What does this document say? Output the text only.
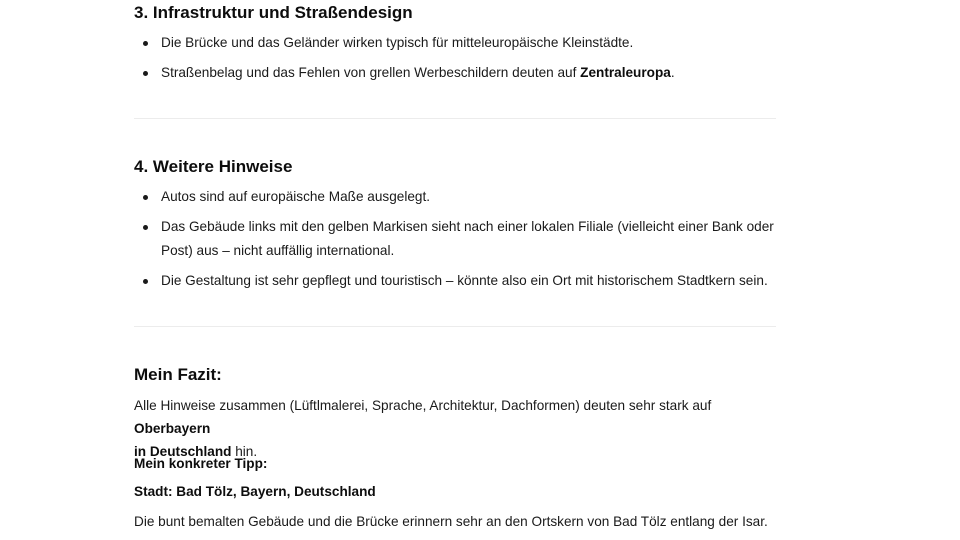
3. Infrastruktur und Straßendesign
Die Brücke und das Geländer wirken typisch für mitteleuropäische Kleinstädte.
Straßenbelag und das Fehlen von grellen Werbeschildern deuten auf Zentraleuropa.
4. Weitere Hinweise
Autos sind auf europäische Maße ausgelegt.
Das Gebäude links mit den gelben Markisen sieht nach einer lokalen Filiale (vielleicht einer Bank oder
Post) aus – nicht auffällig international.
Die Gestaltung ist sehr gepflegt und touristisch – könnte also ein Ort mit historischem Stadtkern sein.
Mein Fazit:

Alle Hinweise zusammen (Lüftlmalerei, Sprache, Architektur, Dachformen) deuten sehr stark auf Oberbayern
in Deutschland hin.

Mein konkreter Tipp:

Stadt: Bad Tölz, Bayern, Deutschland

Die bunt bemalten Gebäude und die Brücke erinnern sehr an den Ortskern von Bad Tölz entlang der Isar.
